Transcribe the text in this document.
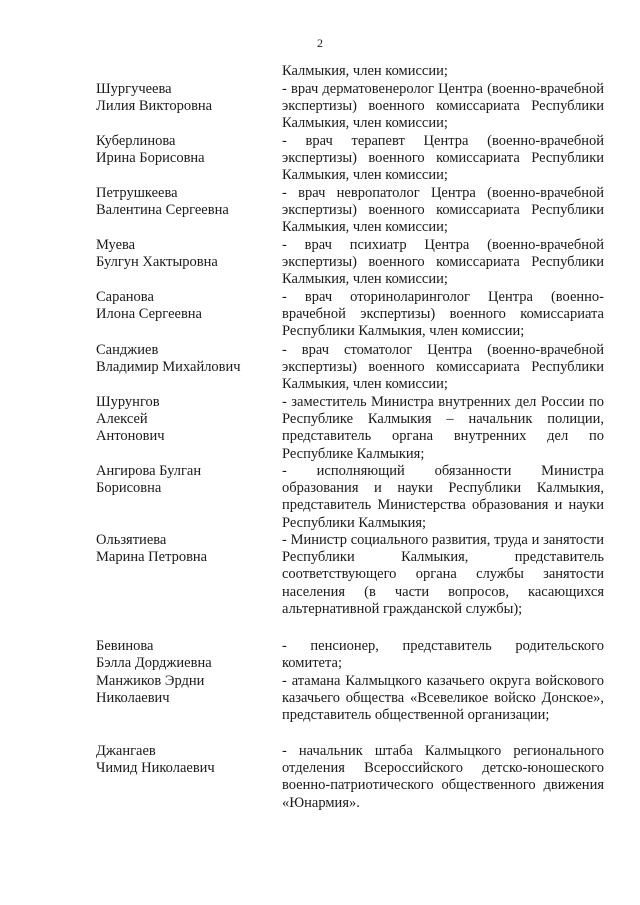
2
Калмыкия, член комиссии;
Шургучеева
Лилия Викторовна
- врач дерматовенеролог Центра (военно-врачебной экспертизы) военного комиссариата Республики Калмыкия, член комиссии;
Куберлинова
Ирина Борисовна
- врач терапевт Центра (военно-врачебной экспертизы) военного комиссариата Республики Калмыкия, член комиссии;
Петрушкеева
Валентина Сергеевна
- врач невропатолог Центра (военно-врачебной экспертизы) военного комиссариата Республики Калмыкия, член комиссии;
Муева
Булгун Хактыровна
- врач психиатр Центра (военно-врачебной экспертизы) военного комиссариата Республики Калмыкия, член комиссии;
Саранова
Илона Сергеевна
- врач оториноларинголог Центра (военно-врачебной экспертизы) военного комиссариата Республики Калмыкия, член комиссии;
Санджиев
Владимир Михайлович
- врач стоматолог Центра (военно-врачебной экспертизы) военного комиссариата Республики Калмыкия, член комиссии;
Шурунгов
Алексей
Антонович
- заместитель Министра внутренних дел России по Республике Калмыкия – начальник полиции, представитель органа внутренних дел по Республике Калмыкия;
Ангирова Булган
Борисовна
- исполняющий обязанности Министра образования и науки Республики Калмыкия, представитель Министерства образования и науки Республики Калмыкия;
Ользятиева
Марина Петровна
- Министр социального развития, труда и занятости Республики Калмыкия, представитель соответствующего органа службы занятости населения (в части вопросов, касающихся альтернативной гражданской службы);
Бевинова
Бэлла Дорджиевна
- пенсионер, представитель родительского комитета;
Манжиков Эрдни
Николаевич
- атамана Калмыцкого казачьего округа войскового казачьего общества «Всевеликое войско Донское», представитель общественной организации;
Джангаев
Чимид Николаевич
- начальник штаба Калмыцкого регионального отделения Всероссийского детско-юношеского военно-патриотического общественного движения «Юнармия».
